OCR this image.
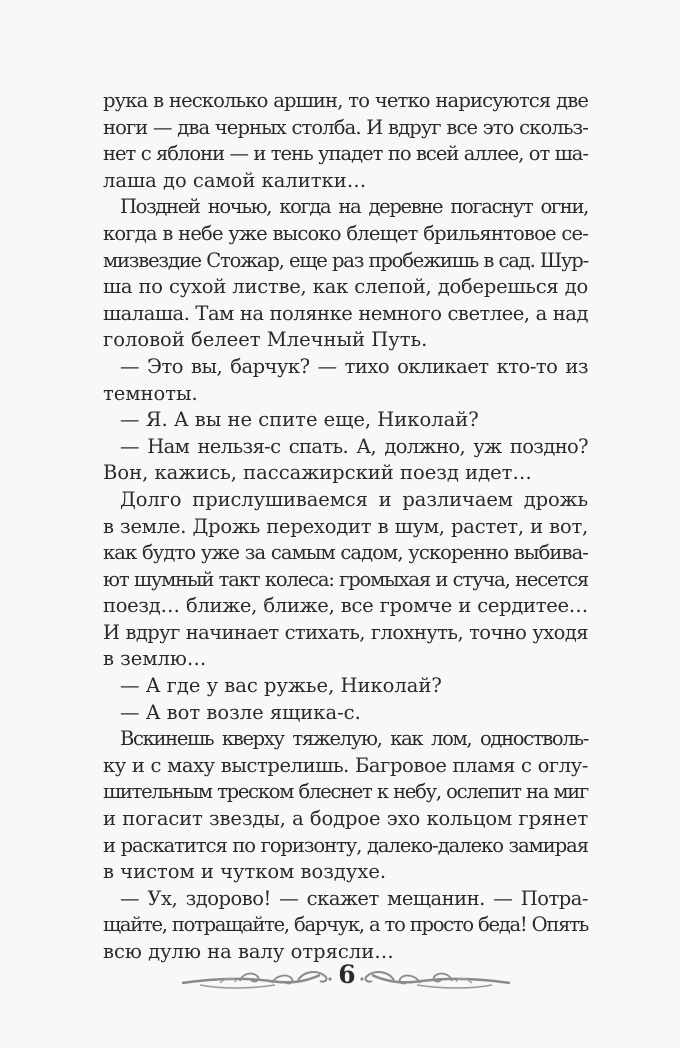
рука в несколько аршин, то четко нарисуются две
ноги — два черных столба. И вдруг все это скольз-
нет с яблони — и тень упадет по всей аллее, от ша-
лаша до самой калитки…

Поздней ночью, когда на деревне погаснут огни,
когда в небе уже высоко блещет брильянтовое се-
мизвездие Стожар, еще раз пробежишь в сад. Шур-
ша по сухой листве, как слепой, доберешься до
шалаша. Там на полянке немного светлее, а над
головой белеет Млечный Путь.

— Это вы, барчук? — тихо окликает кто-то из
темноты.

— Я. А вы не спите еще, Николай?

— Нам нельзя-с спать. А, должно, уж поздно?
Вон, кажись, пассажирский поезд идет…

Долго прислушиваемся и различаем дрожь
в земле. Дрожь переходит в шум, растет, и вот,
как будто уже за самым садом, ускоренно выбива-
ют шумный такт колеса: громыхая и стуча, несется
поезд… ближе, ближе, все громче и сердитее…
И вдруг начинает стихать, глохнуть, точно уходя
в землю…

— А где у вас ружье, Николай?

— А вот возле ящика-с.

Вскинешь кверху тяжелую, как лом, одностволь-
ку и с маху выстрелишь. Багровое пламя с оглу-
шительным треском блеснет к небу, ослепит на миг
и погасит звезды, а бодрое эхо кольцом грянет
и раскатится по горизонту, далеко-далеко замирая
в чистом и чутком воздухе.

— Ух, здорово! — скажет мещанин. — Потра-
щайте, потращайте, барчук, а то просто беда! Опять
всю дулю на валу отрясли…

6
